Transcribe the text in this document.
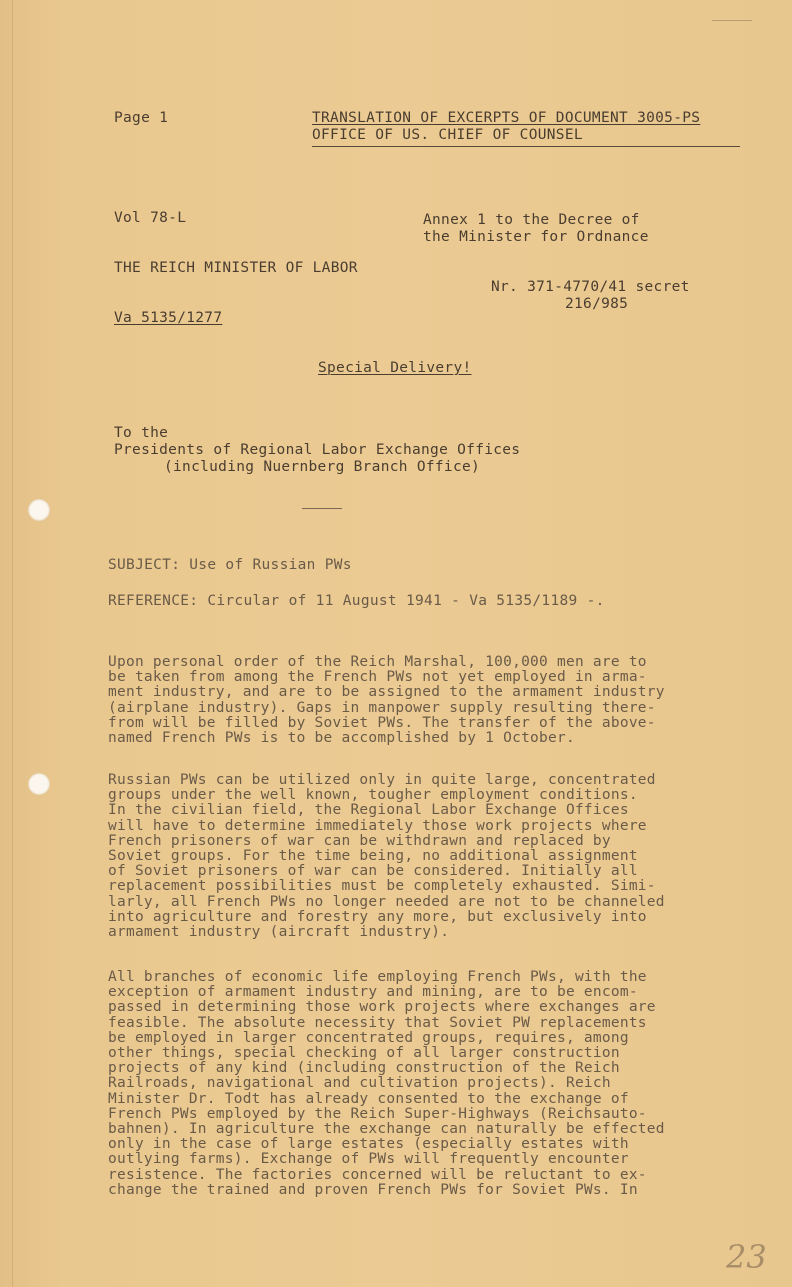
Page 1	TRANSLATION OF EXCERPTS OF DOCUMENT 3005-PS
OFFICE OF US. CHIEF OF COUNSEL
Vol 78-L	Annex 1 to the Decree of
the Minister for Ordnance
THE REICH MINISTER OF LABOR
Nr. 371-4770/41 secret
216/985
Va 5135/1277
Special Delivery!
To the
Presidents of Regional Labor Exchange Offices
(including Nuernberg Branch Office)
SUBJECT: Use of Russian PWs
REFERENCE: Circular of 11 August 1941 - Va 5135/1189 -.
Upon personal order of the Reich Marshal, 100,000 men are to
be taken from among the French PWs not yet employed in arma-
ment industry, and are to be assigned to the armament industry
(airplane industry). Gaps in manpower supply resulting there-
from will be filled by Soviet PWs. The transfer of the above-
named French PWs is to be accomplished by 1 October.
Russian PWs can be utilized only in quite large, concentrated
groups under the well known, tougher employment conditions.
In the civilian field, the Regional Labor Exchange Offices
will have to determine immediately those work projects where
French prisoners of war can be withdrawn and replaced by
Soviet groups. For the time being, no additional assignment
of Soviet prisoners of war can be considered. Initially all
replacement possibilities must be completely exhausted. Simi-
larly, all French PWs no longer needed are not to be channeled
into agriculture and forestry any more, but exclusively into
armament industry (aircraft industry).
All branches of economic life employing French PWs, with the
exception of armament industry and mining, are to be encom-
passed in determining those work projects where exchanges are
feasible. The absolute necessity that Soviet PW replacements
be employed in larger concentrated groups, requires, among
other things, special checking of all larger construction
projects of any kind (including construction of the Reich
Railroads, navigational and cultivation projects). Reich
Minister Dr. Todt has already consented to the exchange of
French PWs employed by the Reich Super-Highways (Reichsauto-
bahnen). In agriculture the exchange can naturally be effected
only in the case of large estates (especially estates with
outlying farms). Exchange of PWs will frequently encounter
resistence. The factories concerned will be reluctant to ex-
change the trained and proven French PWs for Soviet PWs. In
23
